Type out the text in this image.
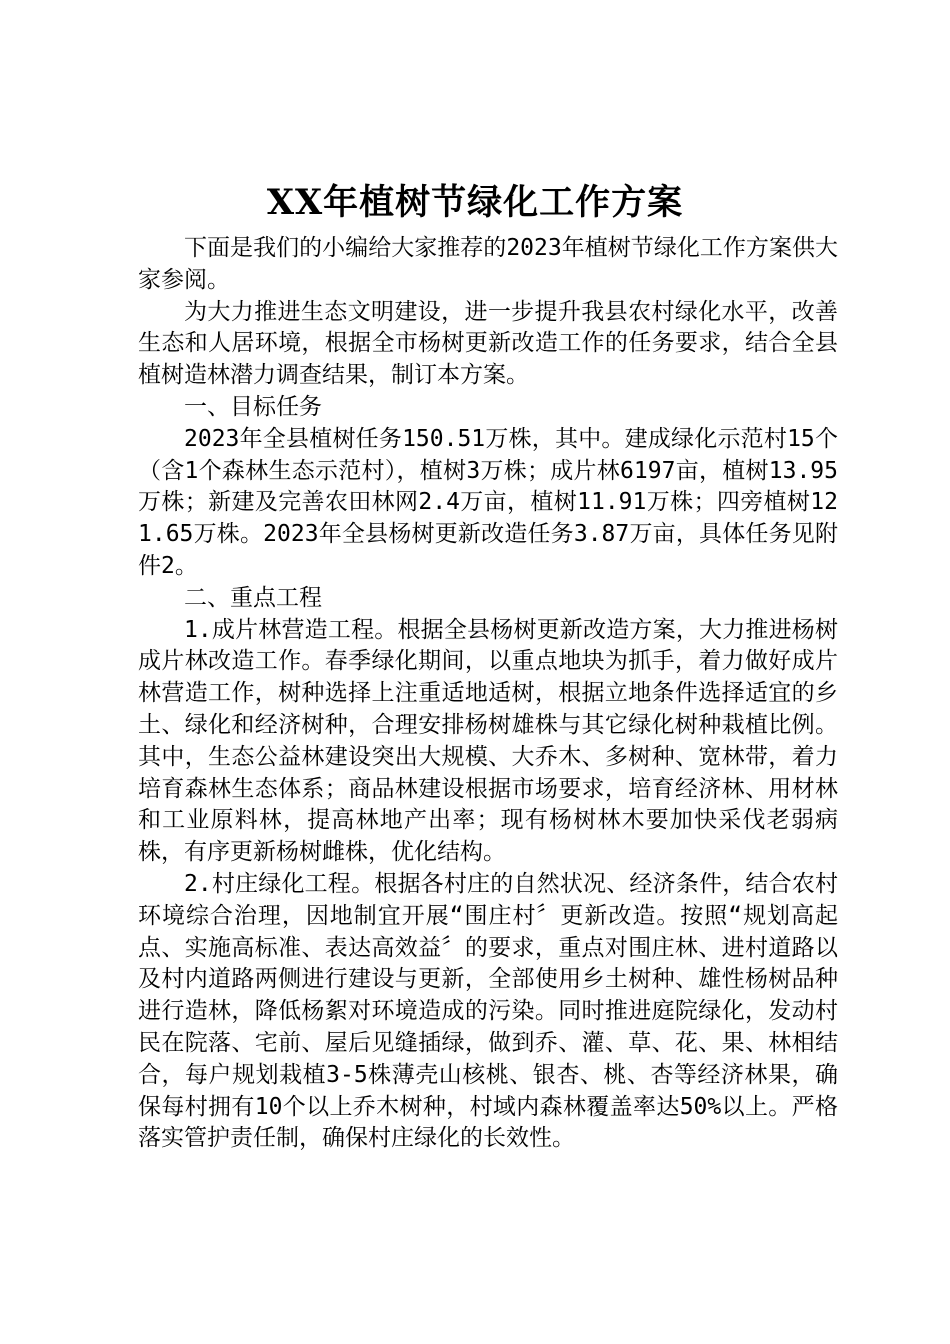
XX年植树节绿化工作方案

下面是我们的小编给大家推荐的2023年植树节绿化工作方案供大家参阅。

为大力推进生态文明建设，进一步提升我县农村绿化水平，改善生态和人居环境，根据全市杨树更新改造工作的任务要求，结合全县植树造林潜力调查结果，制订本方案。

一、目标任务

2023年全县植树任务150.51万株，其中。建成绿化示范村15个（含1个森林生态示范村），植树3万株；成片林6197亩，植树13.95万株；新建及完善农田林网2.4万亩，植树11.91万株；四旁植树121.65万株。2023年全县杨树更新改造任务3.87万亩，具体任务见附件2。

二、重点工程

1.成片林营造工程。根据全县杨树更新改造方案，大力推进杨树成片林改造工作。春季绿化期间，以重点地块为抓手，着力做好成片林营造工作，树种选择上注重适地适树，根据立地条件选择适宜的乡土、绿化和经济树种，合理安排杨树雄株与其它绿化树种栽植比例。其中，生态公益林建设突出大规模、大乔木、多树种、宽林带，着力培育森林生态体系；商品林建设根据市场要求，培育经济林、用材林和工业原料林，提高林地产出率；现有杨树林木要加快采伐老弱病株，有序更新杨树雌株，优化结构。

2.村庄绿化工程。根据各村庄的自然状况、经济条件，结合农村环境综合治理，因地制宜开展“围庄村〞更新改造。按照“规划高起点、实施高标准、表达高效益〞的要求，重点对围庄林、进村道路以及村内道路两侧进行建设与更新，全部使用乡土树种、雄性杨树品种进行造林，降低杨絮对环境造成的污染。同时推进庭院绿化，发动村民在院落、宅前、屋后见缝插绿，做到乔、灌、草、花、果、林相结合，每户规划栽植3-5株薄壳山核桃、银杏、桃、杏等经济林果，确保每村拥有10个以上乔木树种，村域内森林覆盖率达50%以上。严格落实管护责任制，确保村庄绿化的长效性。
